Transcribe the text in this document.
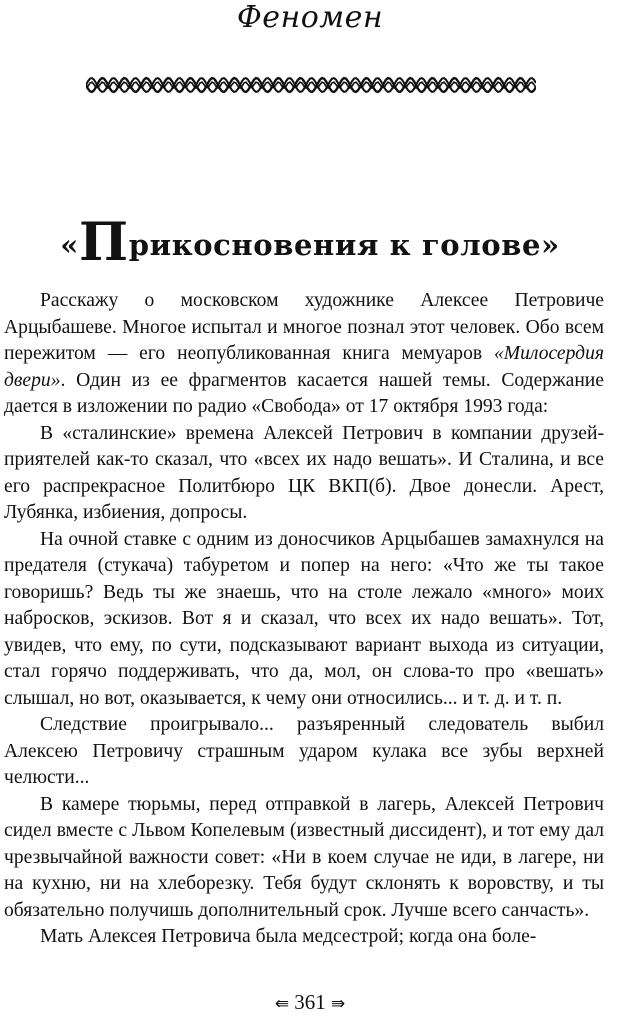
Феномен
«Прикосновения к голове»

Расскажу о московском художнике Алексее Петровиче Арцыбашеве. Многое испытал и многое познал этот человек. Обо всем пережитом — его неопубликованная книга мемуаров «Милосердия двери». Один из ее фрагментов касается нашей темы. Содержание дается в изложении по радио «Свобода» от 17 октября 1993 года:

В «сталинские» времена Алексей Петрович в компании друзей-приятелей как-то сказал, что «всех их надо вешать». И Сталина, и все его распрекрасное Политбюро ЦК ВКП(б). Двое донесли. Арест, Лубянка, избиения, допросы.

На очной ставке с одним из доносчиков Арцыбашев замахнулся на предателя (стукача) табуретом и попер на него: «Что же ты такое говоришь? Ведь ты же знаешь, что на столе лежало «много» моих набросков, эскизов. Вот я и сказал, что всех их надо вешать». Тот, увидев, что ему, по сути, подсказывают вариант выхода из ситуации, стал горячо поддерживать, что да, мол, он слова-то про «вешать» слышал, но вот, оказывается, к чему они относились... и т. д. и т. п.

Следствие проигрывало... разъяренный следователь выбил Алексею Петровичу страшным ударом кулака все зубы верхней челюсти...

В камере тюрьмы, перед отправкой в лагерь, Алексей Петрович сидел вместе с Львом Копелевым (известный диссидент), и тот ему дал чрезвычайной важности совет: «Ни в коем случае не иди, в лагере, ни на кухню, ни на хлеборезку. Тебя будут склонять к воровству, и ты обязательно получишь дополнительный срок. Лучше всего санчасть».

Мать Алексея Петровича была медсестрой; когда она боле-

⇚ 361 ⇛
